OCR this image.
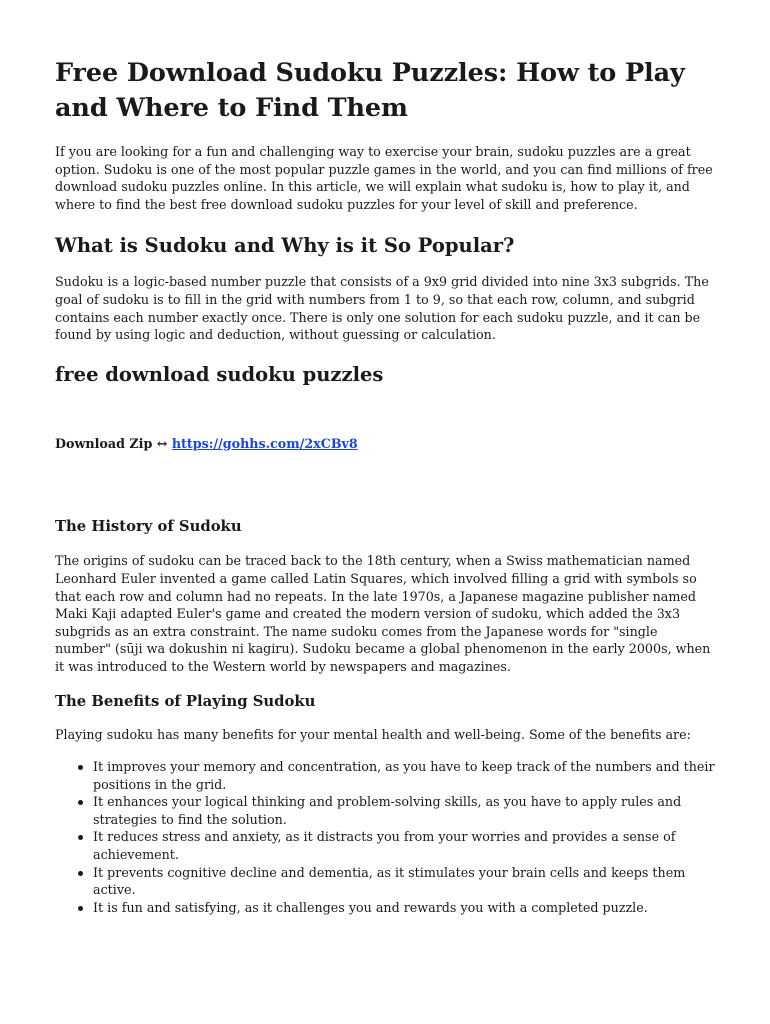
Free Download Sudoku Puzzles: How to Play and Where to Find Them

If you are looking for a fun and challenging way to exercise your brain, sudoku puzzles are a great option. Sudoku is one of the most popular puzzle games in the world, and you can find millions of free download sudoku puzzles online. In this article, we will explain what sudoku is, how to play it, and where to find the best free download sudoku puzzles for your level of skill and preference.

What is Sudoku and Why is it So Popular?

Sudoku is a logic-based number puzzle that consists of a 9x9 grid divided into nine 3x3 subgrids. The goal of sudoku is to fill in the grid with numbers from 1 to 9, so that each row, column, and subgrid contains each number exactly once. There is only one solution for each sudoku puzzle, and it can be found by using logic and deduction, without guessing or calculation.

free download sudoku puzzles
Download Zip ↔ https://gohhs.com/2xCBv8
The History of Sudoku

The origins of sudoku can be traced back to the 18th century, when a Swiss mathematician named Leonhard Euler invented a game called Latin Squares, which involved filling a grid with symbols so that each row and column had no repeats. In the late 1970s, a Japanese magazine publisher named Maki Kaji adapted Euler's game and created the modern version of sudoku, which added the 3x3 subgrids as an extra constraint. The name sudoku comes from the Japanese words for "single number" (sūji wa dokushin ni kagiru). Sudoku became a global phenomenon in the early 2000s, when it was introduced to the Western world by newspapers and magazines.

The Benefits of Playing Sudoku

Playing sudoku has many benefits for your mental health and well-being. Some of the benefits are:

It improves your memory and concentration, as you have to keep track of the numbers and their positions in the grid.
It enhances your logical thinking and problem-solving skills, as you have to apply rules and strategies to find the solution.
It reduces stress and anxiety, as it distracts you from your worries and provides a sense of achievement.
It prevents cognitive decline and dementia, as it stimulates your brain cells and keeps them active.
It is fun and satisfying, as it challenges you and rewards you with a completed puzzle.
